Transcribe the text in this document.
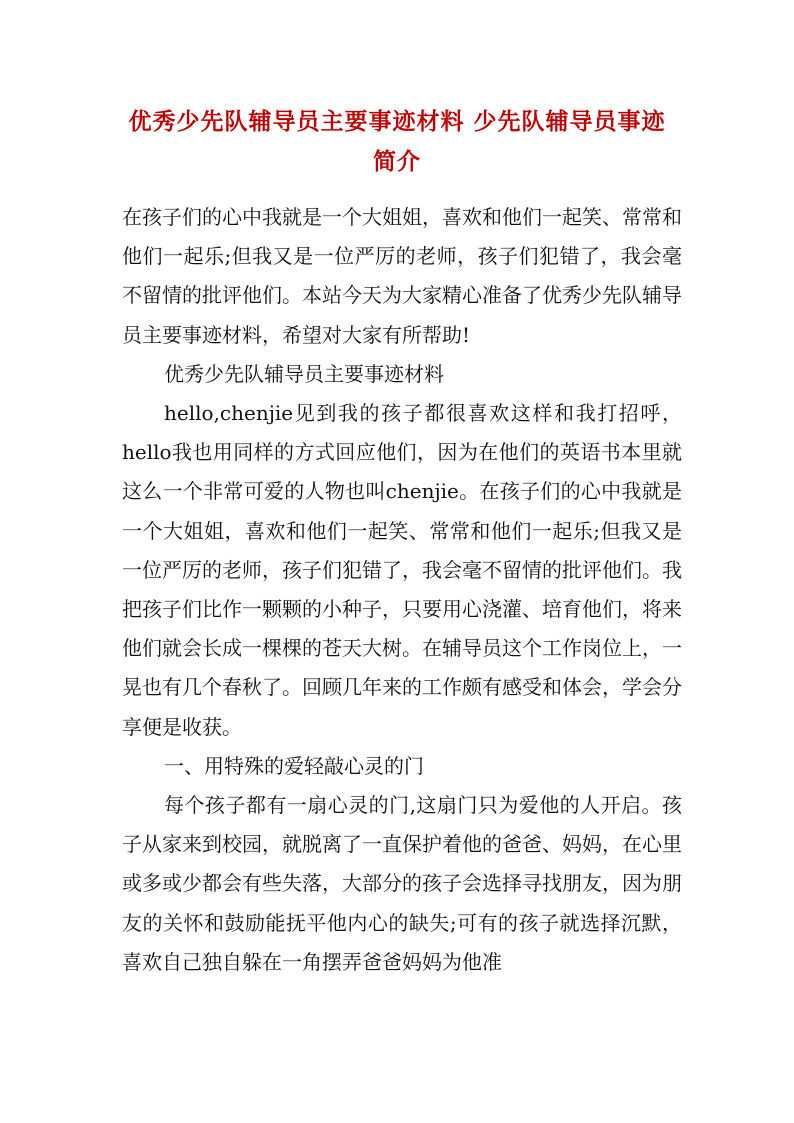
优秀少先队辅导员主要事迹材料 少先队辅导员事迹
简介

在孩子们的心中我就是一个大姐姐，喜欢和他们一起笑、常常和他们一起乐;但我又是一位严厉的老师，孩子们犯错了，我会毫不留情的批评他们。本站今天为大家精心准备了优秀少先队辅导员主要事迹材料，希望对大家有所帮助!

优秀少先队辅导员主要事迹材料

hello,chenjie见到我的孩子都很喜欢这样和我打招呼，hello我也用同样的方式回应他们，因为在他们的英语书本里就这么一个非常可爱的人物也叫chenjie。在孩子们的心中我就是一个大姐姐，喜欢和他们一起笑、常常和他们一起乐;但我又是一位严厉的老师，孩子们犯错了，我会毫不留情的批评他们。我把孩子们比作一颗颗的小种子，只要用心浇灌、培育他们，将来他们就会长成一棵棵的苍天大树。在辅导员这个工作岗位上，一晃也有几个春秋了。回顾几年来的工作颇有感受和体会，学会分享便是收获。

一、用特殊的爱轻敲心灵的门

每个孩子都有一扇心灵的门,这扇门只为爱他的人开启。孩子从家来到校园，就脱离了一直保护着他的爸爸、妈妈，在心里或多或少都会有些失落，大部分的孩子会选择寻找朋友，因为朋友的关怀和鼓励能抚平他内心的缺失;可有的孩子就选择沉默，喜欢自己独自躲在一角摆弄爸爸妈妈为他准
